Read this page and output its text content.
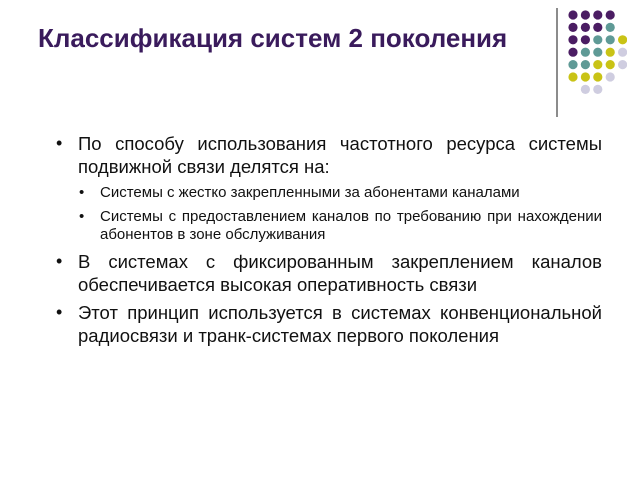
Классификация систем 2 поколения
• По способу использования частотного ресурса системы подвижной связи делятся на:
• Системы с жестко закрепленными за абонентами каналами
• Системы с предоставлением каналов по требованию при нахождении абонентов в зоне обслуживания
• В системах с фиксированным закреплением каналов обеспечивается высокая оперативность связи
• Этот принцип используется в системах конвенциональной радиосвязи и транк-системах первого поколения
